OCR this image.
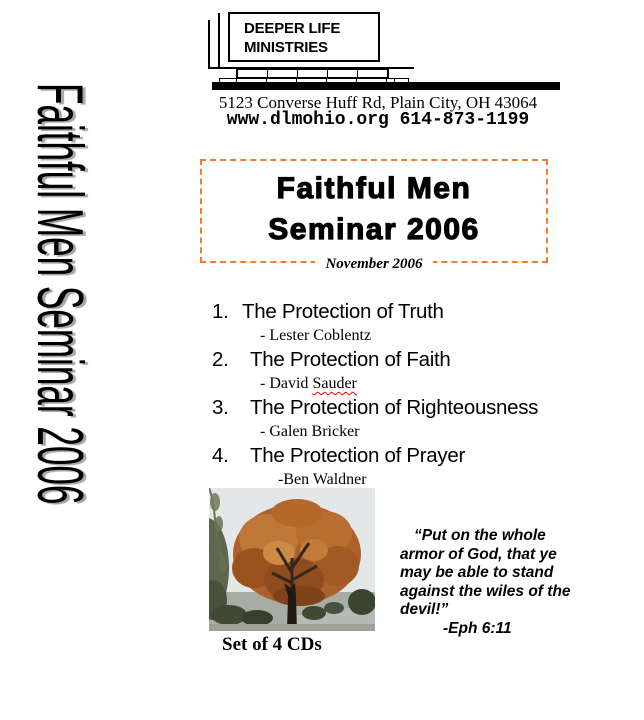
Faithful Men Seminar 2006
DEEPER LIFE
MINISTRIES
5123 Converse Huff Rd, Plain City, OH 43064
www.dlmohio.org 614-873-1199
Faithful Men
Seminar 2006
November 2006
1. The Protection of Truth
- Lester Coblentz
2. The Protection of Faith
- David Sauder
3. The Protection of Righteousness
- Galen Bricker
4. The Protection of Prayer
-Ben Waldner
“Put on the whole
armor of God, that ye
may be able to stand
against the wiles of the
devil!”
-Eph 6:11
Set of 4 CDs
